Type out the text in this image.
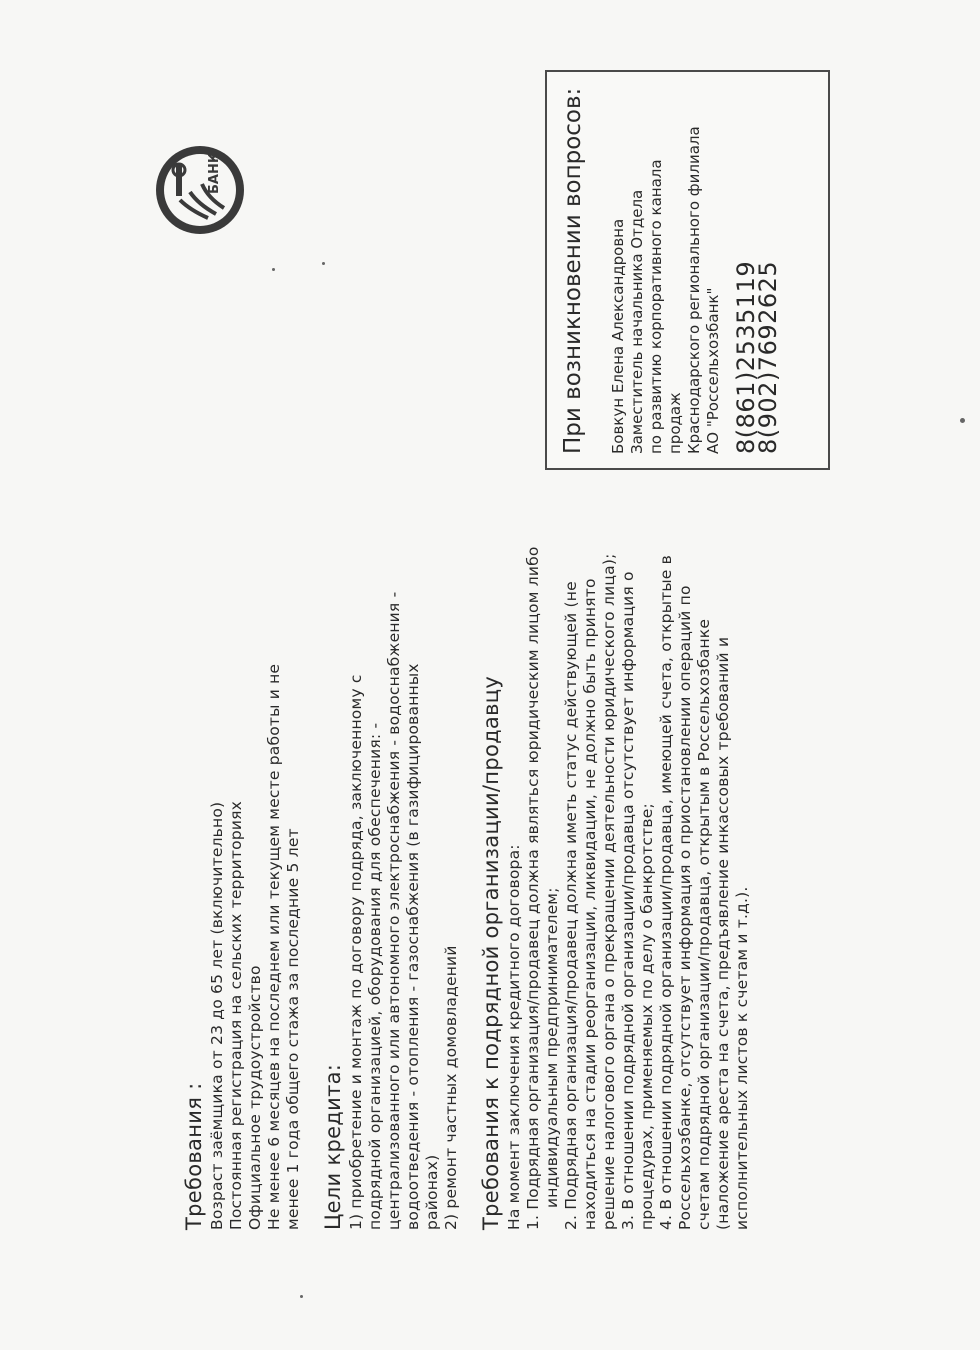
Требования : Возраст заёмщика от 23 до 65 лет (включительно) Постоянная регистрация на сельских территориях Официальное трудоустройство Не менее 6 месяцев на последнем или текущем месте работы и не менее 1 года общего стажа за последние 5 лет Цели кредита: 1) приобретение и монтаж по договору подряда, заключенному с подрядной организацией, оборудования для обеспечения: - централизованного или автономного электроснабжения - водоснабжения - водоотведения - отопления - газоснабжения (в газифицированных районах) 2) ремонт частных домовладений Требования к подрядной организации/продавцу На момент заключения кредитного договора: 1. Подрядная организация/продавец должна являться юридическим лицом либо индивидуальным предпринимателем; 2. Подрядная организация/продавец должна иметь статус действующей (не находиться на стадии реорганизации, ликвидации, не должно быть принято решение налогового органа о прекращении деятельности юридического лица); 3. В отношении подрядной организации/продавца отсутствует информация о процедурах, применяемых по делу о банкротстве; 4. В отношении подрядной организации/продавца, имеющей счета, открытые в Россельхозбанке, отсутствует информация о приостановлении операций по счетам подрядной организации/продавца, открытым в Россельхозбанке (наложение ареста на счета, предъявление инкассовых требований и исполнительных листов к счетам и т.д.).

При возникновении вопросов: Бовкун Елена Александровна Заместитель начальника Отдела по развитию корпоративного канала продаж Краснодарского регионального филиала АО "Россельхозбанк" 8(861)2535119

8(902)7692625

БАНК
